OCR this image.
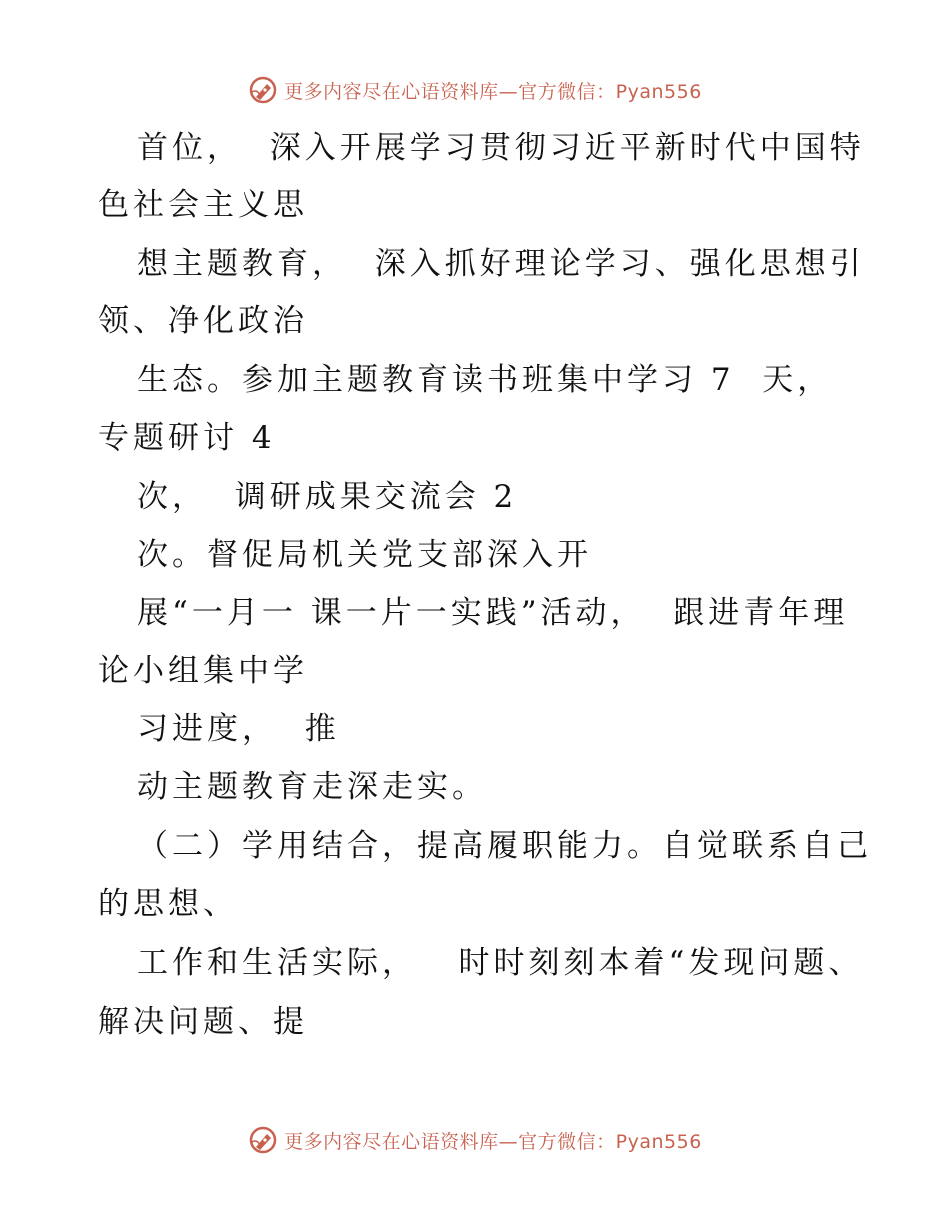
更多内容尽在心语资料库—官方微信：Pyan556
首位，  深入开展学习贯彻习近平新时代中国特
色社会主义思
想主题教育，  深入抓好理论学习、强化思想引
领、净化政治
生态。参加主题教育读书班集中学习 7  天，
专题研讨 4
次，  调研成果交流会 2
次。督促局机关党支部深入开
展“一月一 课一片一实践”活动，  跟进青年理
论小组集中学
习进度，  推
动主题教育走深走实。
（二）学用结合，提高履职能力。自觉联系自己
的思想、
工作和生活实际，   时时刻刻本着“发现问题、
解决问题、提
更多内容尽在心语资料库—官方微信：Pyan556
